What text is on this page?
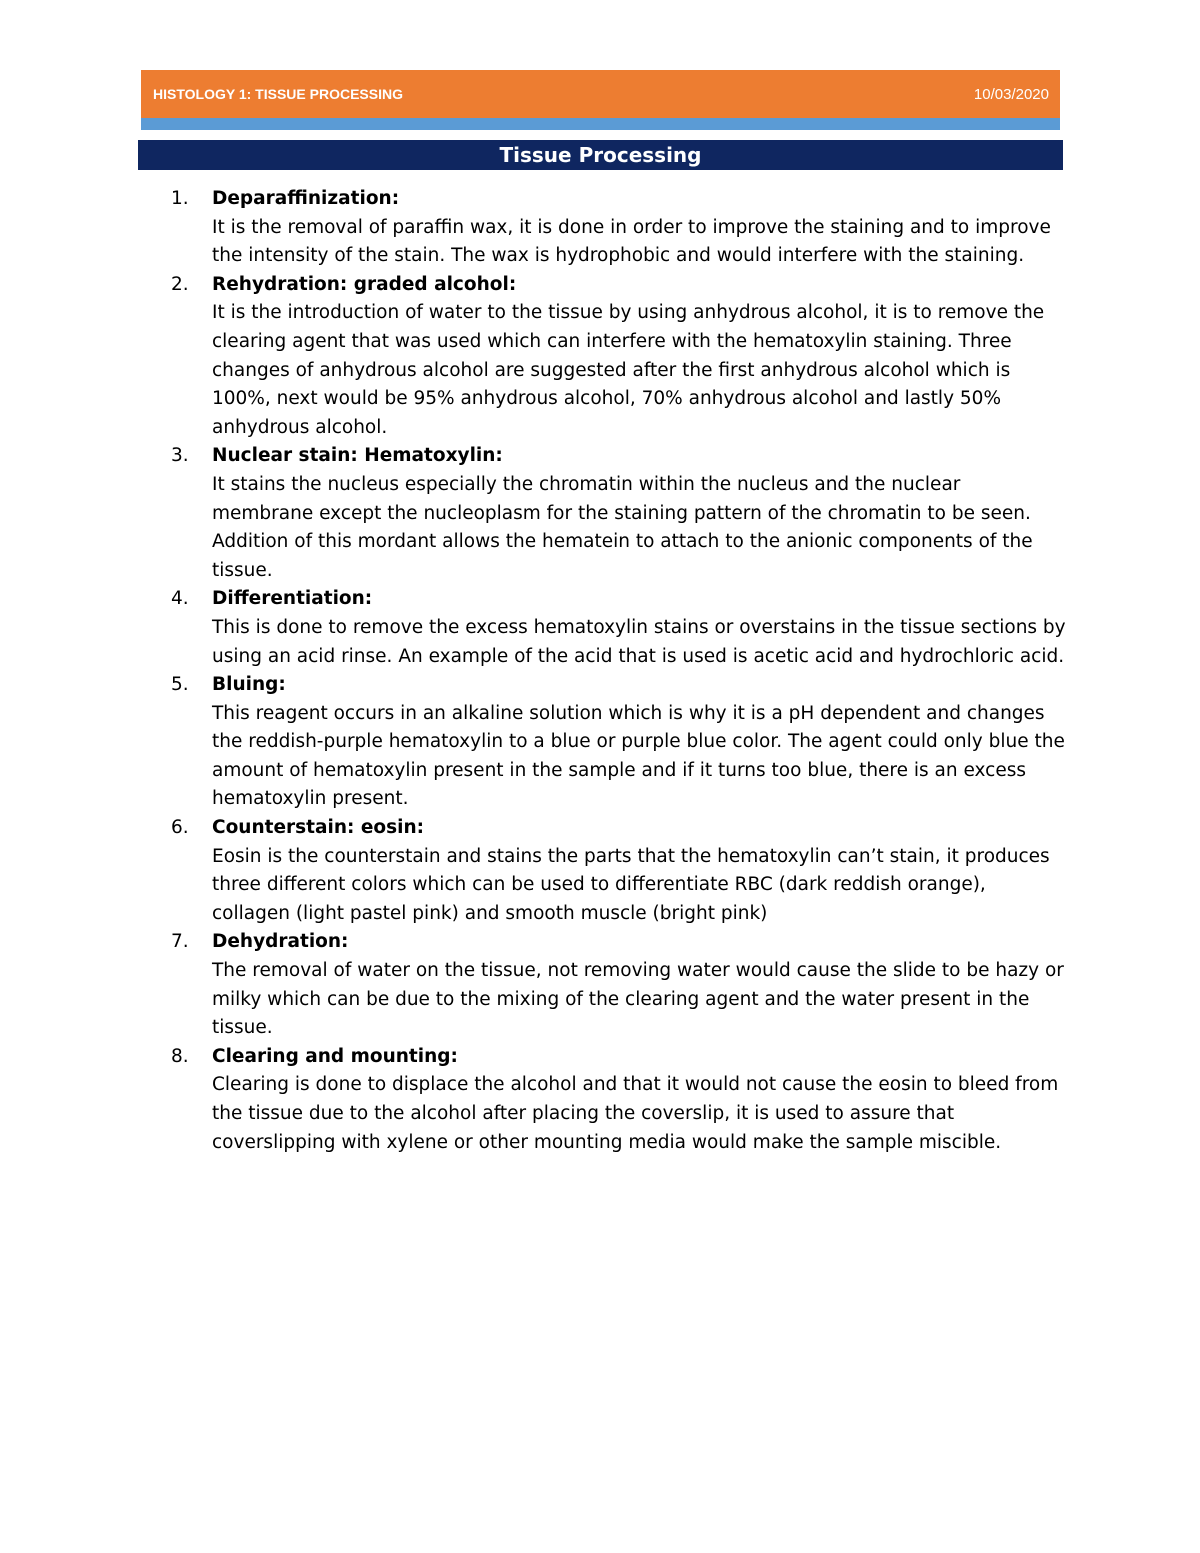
HISTOLOGY 1: TISSUE PROCESSING	10/03/2020
Tissue Processing
1.	Deparaffinization:
It is the removal of paraffin wax, it is done in order to improve the staining and to improve the intensity of the stain. The wax is hydrophobic and would interfere with the staining.
2.	Rehydration: graded alcohol:
It is the introduction of water to the tissue by using anhydrous alcohol, it is to remove the clearing agent that was used which can interfere with the hematoxylin staining. Three changes of anhydrous alcohol are suggested after the first anhydrous alcohol which is 100%, next would be 95% anhydrous alcohol, 70% anhydrous alcohol and lastly 50% anhydrous alcohol.
3.	Nuclear stain: Hematoxylin:
It stains the nucleus especially the chromatin within the nucleus and the nuclear membrane except the nucleoplasm for the staining pattern of the chromatin to be seen. Addition of this mordant allows the hematein to attach to the anionic components of the tissue.
4.	Differentiation:
This is done to remove the excess hematoxylin stains or overstains in the tissue sections by using an acid rinse. An example of the acid that is used is acetic acid and hydrochloric acid.
5.	Bluing:
This reagent occurs in an alkaline solution which is why it is a pH dependent and changes the reddish-purple hematoxylin to a blue or purple blue color. The agent could only blue the amount of hematoxylin present in the sample and if it turns too blue, there is an excess hematoxylin present.
6.	Counterstain: eosin:
Eosin is the counterstain and stains the parts that the hematoxylin can’t stain, it produces three different colors which can be used to differentiate RBC (dark reddish orange), collagen (light pastel pink) and smooth muscle (bright pink)
7.	Dehydration:
The removal of water on the tissue, not removing water would cause the slide to be hazy or milky which can be due to the mixing of the clearing agent and the water present in the tissue.
8.	Clearing and mounting:
Clearing is done to displace the alcohol and that it would not cause the eosin to bleed from the tissue due to the alcohol after placing the coverslip, it is used to assure that coverslipping with xylene or other mounting media would make the sample miscible.
